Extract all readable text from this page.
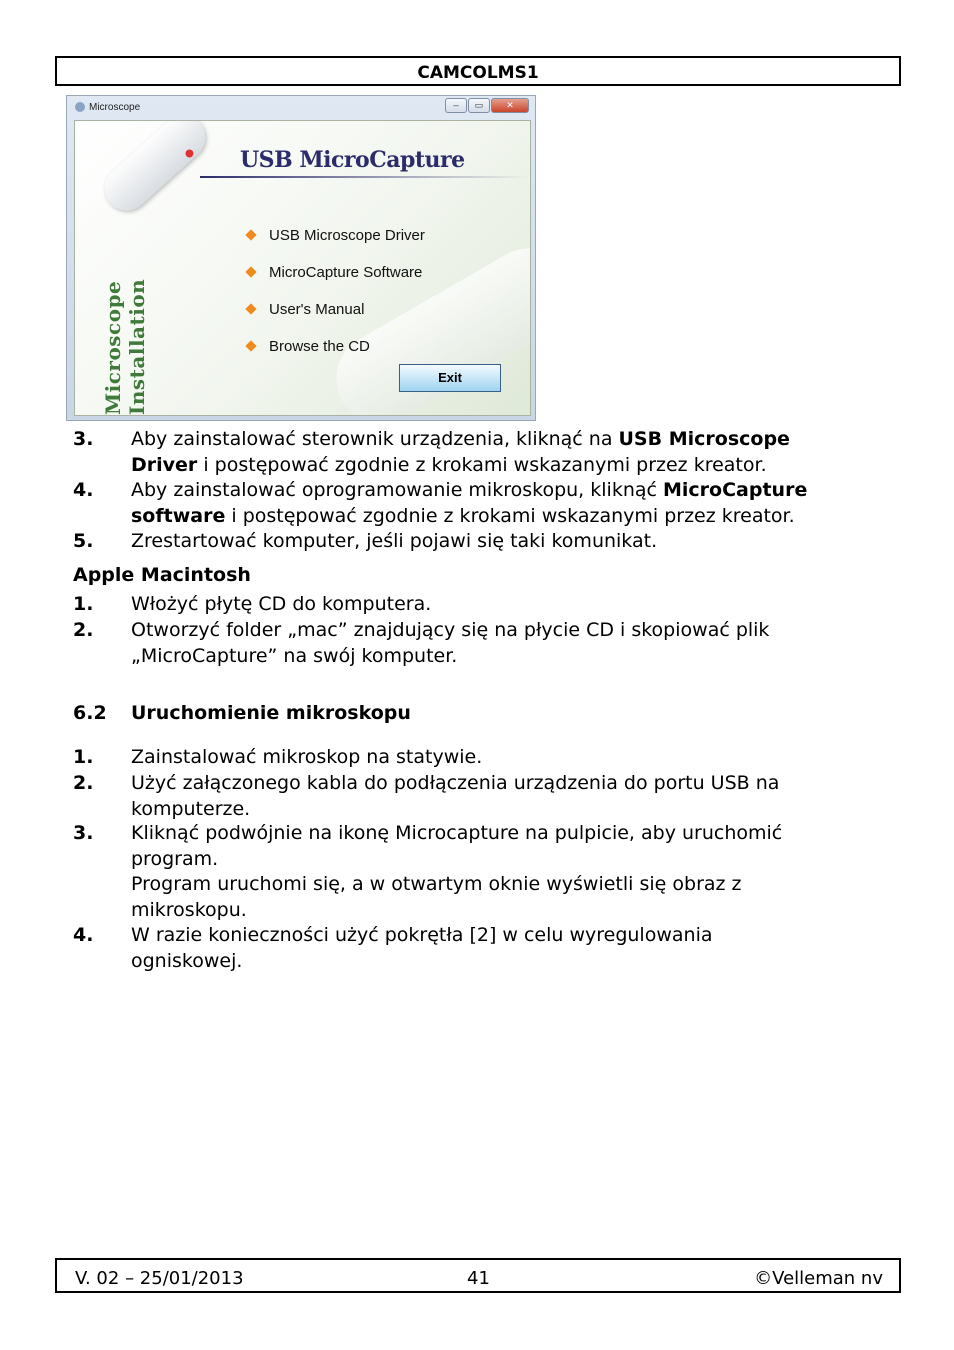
CAMCOLMS1
Microscope	–	▭	✕
Microscope Installation
USB MicroCapture
USB Microscope Driver
MicroCapture Software
User's Manual
Browse the CD
Exit
3. Aby zainstalować sterownik urządzenia, kliknąć na USB Microscope
Driver i postępować zgodnie z krokami wskazanymi przez kreator.
4. Aby zainstalować oprogramowanie mikroskopu, kliknąć MicroCapture
software i postępować zgodnie z krokami wskazanymi przez kreator.
5. Zrestartować komputer, jeśli pojawi się taki komunikat.
Apple Macintosh
1. Włożyć płytę CD do komputera.
2. Otworzyć folder „mac” znajdujący się na płycie CD i skopiować plik
„MicroCapture” na swój komputer.
6.2 Uruchomienie mikroskopu
1. Zainstalować mikroskop na statywie.
2. Użyć załączonego kabla do podłączenia urządzenia do portu USB na
komputerze.
3. Kliknąć podwójnie na ikonę Microcapture na pulpicie, aby uruchomić
program.
Program uruchomi się, a w otwartym oknie wyświetli się obraz z
mikroskopu.
4. W razie konieczności użyć pokrętła [2] w celu wyregulowania
ogniskowej.
V. 02 – 25/01/2013	41	©Velleman nv
